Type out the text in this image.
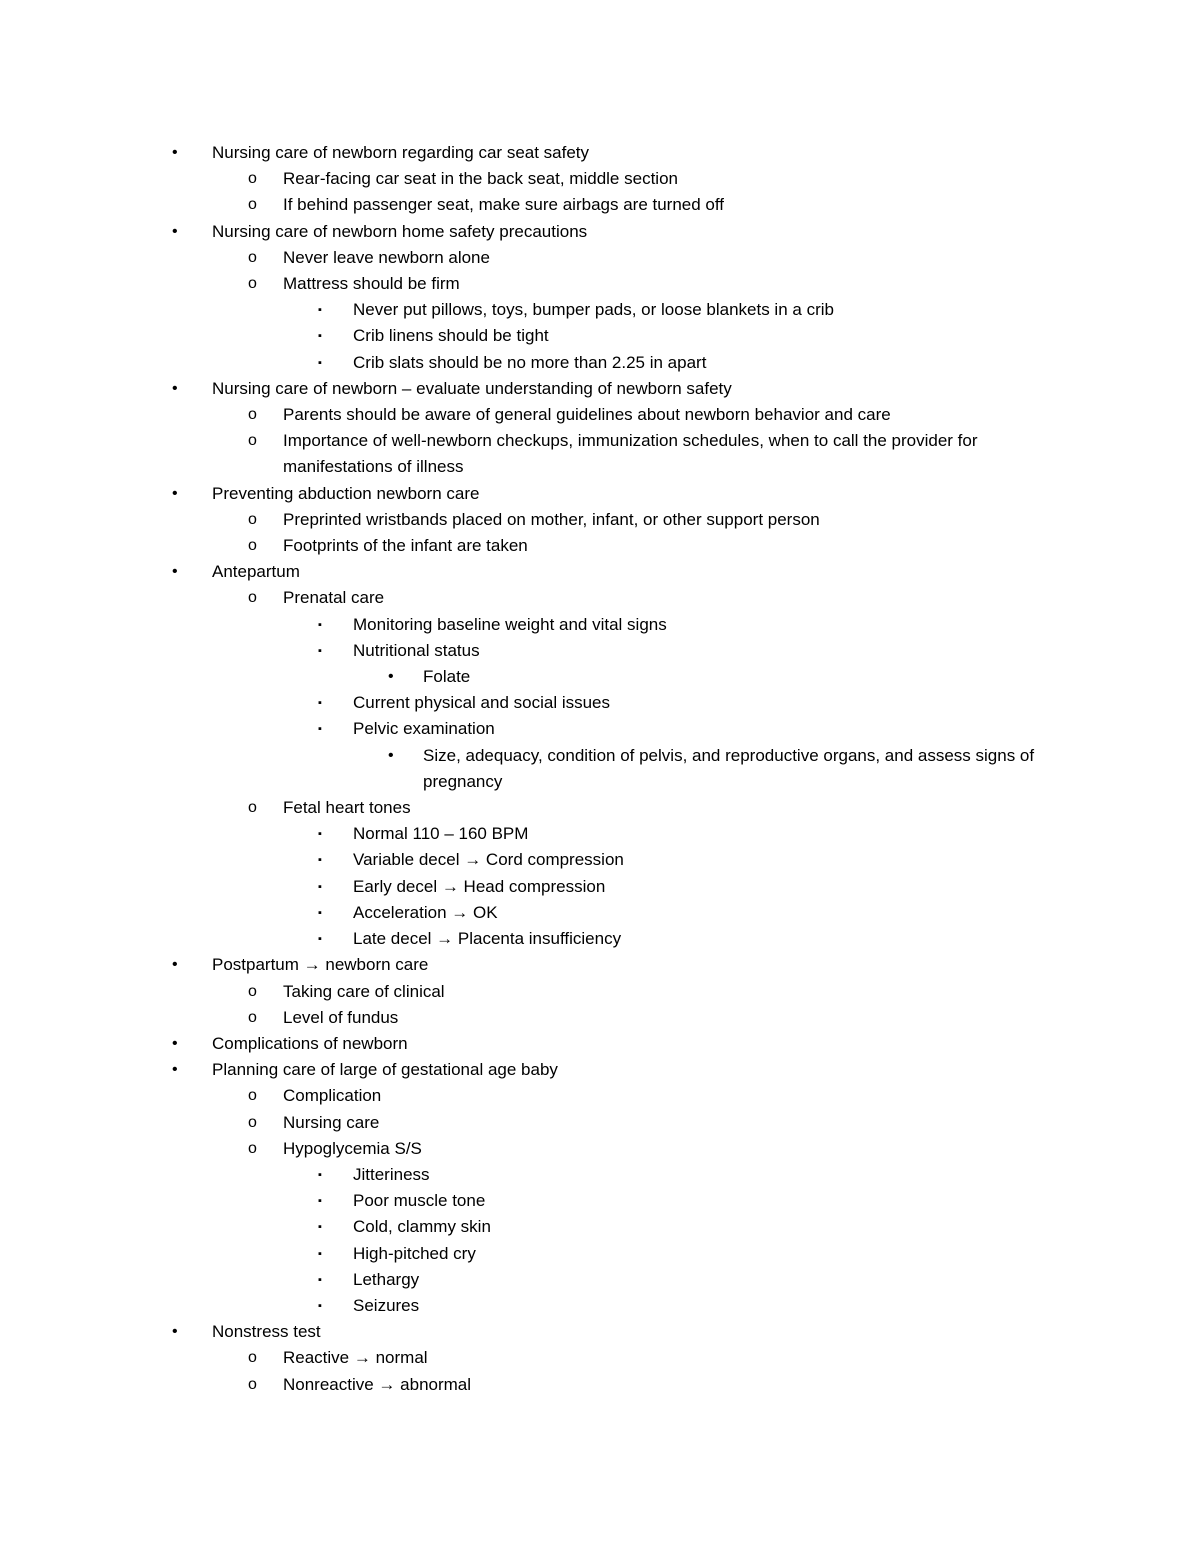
• Nursing care of newborn regarding car seat safety
o Rear-facing car seat in the back seat, middle section
o If behind passenger seat, make sure airbags are turned off
• Nursing care of newborn home safety precautions
o Never leave newborn alone
o Mattress should be firm
▪ Never put pillows, toys, bumper pads, or loose blankets in a crib
▪ Crib linens should be tight
▪ Crib slats should be no more than 2.25 in apart
• Nursing care of newborn – evaluate understanding of newborn safety
o Parents should be aware of general guidelines about newborn behavior and care
o Importance of well-newborn checkups, immunization schedules, when to call the provider for manifestations of illness
• Preventing abduction newborn care
o Preprinted wristbands placed on mother, infant, or other support person
o Footprints of the infant are taken
• Antepartum
o Prenatal care
▪ Monitoring baseline weight and vital signs
▪ Nutritional status
• Folate
▪ Current physical and social issues
▪ Pelvic examination
• Size, adequacy, condition of pelvis, and reproductive organs, and assess signs of pregnancy
o Fetal heart tones
▪ Normal 110 – 160 BPM
▪ Variable decel → Cord compression
▪ Early decel → Head compression
▪ Acceleration → OK
▪ Late decel → Placenta insufficiency
• Postpartum → newborn care
o Taking care of clinical
o Level of fundus
• Complications of newborn
• Planning care of large of gestational age baby
o Complication
o Nursing care
o Hypoglycemia S/S
▪ Jitteriness
▪ Poor muscle tone
▪ Cold, clammy skin
▪ High-pitched cry
▪ Lethargy
▪ Seizures
• Nonstress test
o Reactive → normal
o Nonreactive → abnormal
